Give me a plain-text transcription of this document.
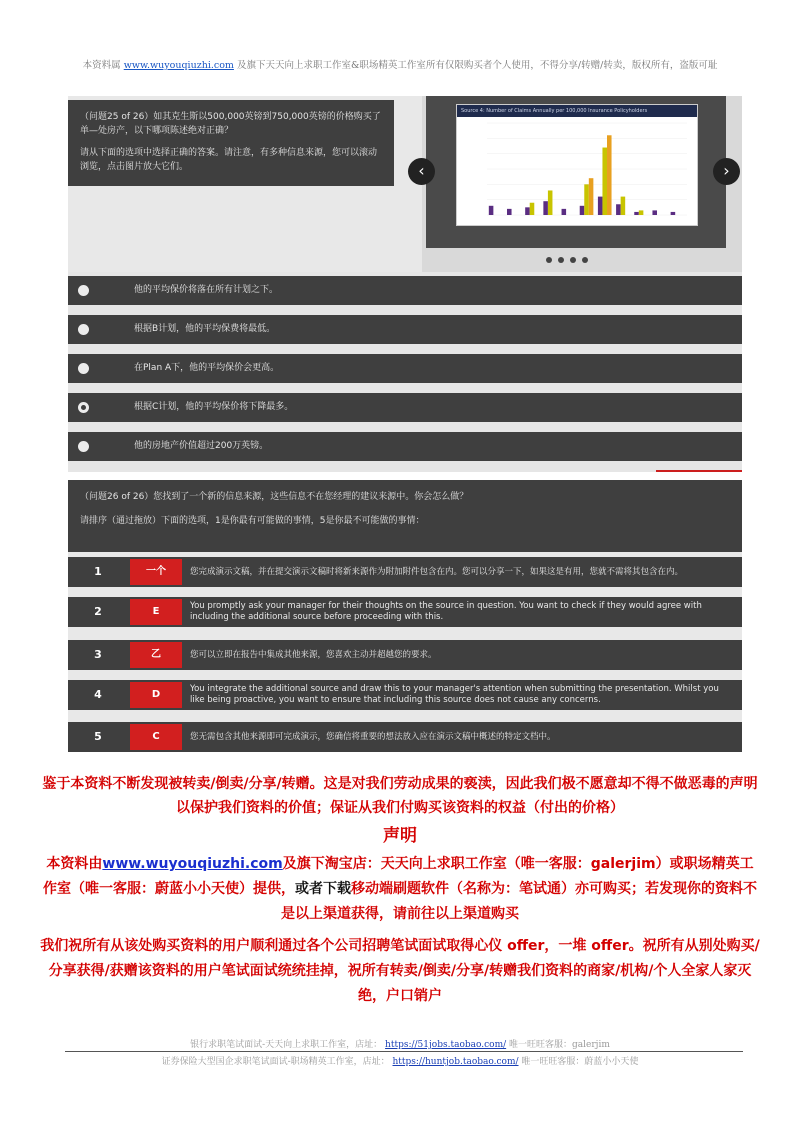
本资料属 www.wuyouqiuzhi.com 及旗下天天向上求职工作室&职场精英工作室所有仅限购买者个人使用，不得分享/转赠/转卖，版权所有，盗版可耻

（问题25 of 26）如其克生斯以500,000英镑到750,000英镑的价格购买了单—处房产，以下哪项陈述绝对正确？

请从下面的选项中选择正确的答案。请注意，有多种信息来源，您可以滚动浏览，点击图片放大它们。

Source 4: Number of Claims Annually per 100,000 Insurance Policyholders
‹	›
他的平均保价将落在所有计划之下。
根据B计划，他的平均保费将最低。
在Plan A下，他的平均保价会更高。
根据C计划，他的平均保价将下降最多。
他的房地产价值超过200万英镑。

（问题26 of 26）您找到了一个新的信息来源，这些信息不在您经理的建议来源中。你会怎么做？

请排序（通过拖放）下面的选项，1是你最有可能做的事情，5是你最不可能做的事情：

1	一个	您完成演示文稿，并在提交演示文稿时将新来源作为附加附件包含在内。您可以分享一下，如果这是有用，您就不需将其包含在内。
2	E	You promptly ask your manager for their thoughts on the source in question. You want to check if they would agree with including the additional source before proceeding with this.
3	乙	您可以立即在报告中集成其他来源，您喜欢主动并超越您的要求。
4	D	You integrate the additional source and draw this to your manager's attention when submitting the presentation. Whilst you like being proactive, you want to ensure that including this source does not cause any concerns.
5	C	您无需包含其他来源即可完成演示，您确信将重要的想法放入应在演示文稿中概述的特定文档中。
鉴于本资料不断发现被转卖/倒卖/分享/转赠。这是对我们劳动成果的亵渎，因此我们极不愿意却不得不做恶毒的声明以保护我们资料的价值；保证从我们付购买该资料的权益（付出的价格）
声明
本资料由www.wuyouqiuzhi.com及旗下淘宝店：天天向上求职工作室（唯一客服：galerjim）或职场精英工作室（唯一客服：蔚蓝小小天使）提供，或者下载移动端刷题软件（名称为：笔试通）亦可购买；若发现你的资料不是以上渠道获得，请前往以上渠道购买
我们祝所有从该处购买资料的用户顺利通过各个公司招聘笔试面试取得心仪 offer，一堆 offer。祝所有从别处购买/分享获得/获赠该资料的用户笔试面试统统挂掉，祝所有转卖/倒卖/分享/转赠我们资料的商家/机构/个人全家人家灭绝，户口销户
银行求职笔试面试-天天向上求职工作室，店址： https://51jobs.taobao.com/ 唯一旺旺客服：galerjim
证券保险大型国企求职笔试面试-职场精英工作室，店址： https://huntjob.taobao.com/ 唯一旺旺客服：蔚蓝小小天使
